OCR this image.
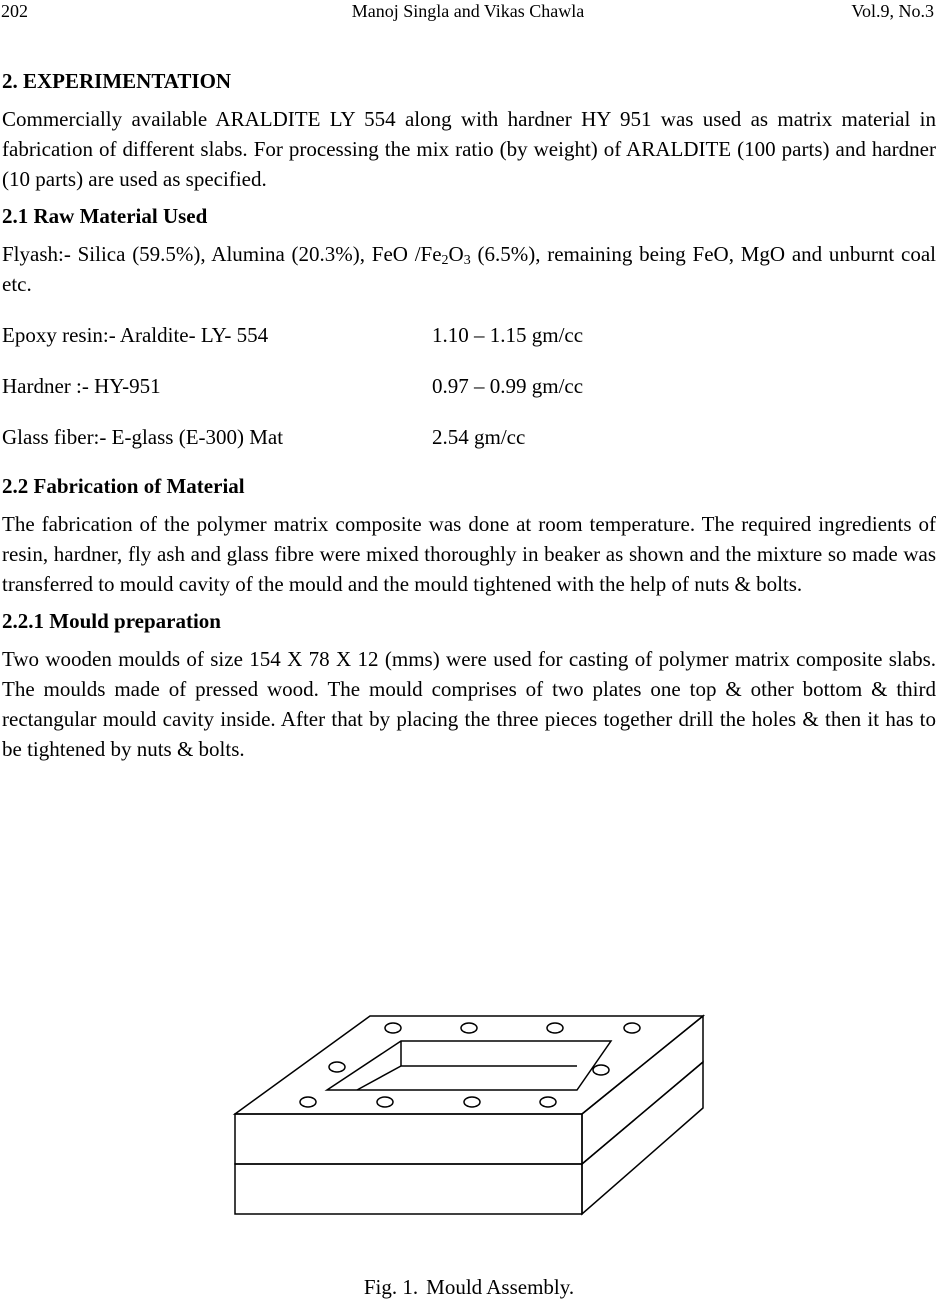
202	Manoj Singla and Vikas Chawla	Vol.9, No.3
2. EXPERIMENTATION

Commercially available ARALDITE LY 554 along with hardner HY 951 was used as matrix material in fabrication of different slabs. For processing the mix ratio (by weight) of ARALDITE (100 parts) and hardner (10 parts) are used as specified.

2.1 Raw Material Used

Flyash:- Silica (59.5%), Alumina (20.3%), FeO $/Fe_2O_3$ (6.5%), remaining being FeO, MgO and unburnt coal etc.

Epoxy resin:- Araldite- LY- 554	1.10 – 1.15 gm/cc
Hardner :- HY-951	0.97 – 0.99 gm/cc
Glass fiber:- E-glass (E-300) Mat	2.54 gm/cc
2.2 Fabrication of Material

The fabrication of the polymer matrix composite was done at room temperature. The required ingredients of resin, hardner, fly ash and glass fibre were mixed thoroughly in beaker as shown and the mixture so made was transferred to mould cavity of the mould and the mould tightened with the help of nuts & bolts.

2.2.1 Mould preparation

Two wooden moulds of size 154 X 78 X 12 (mms) were used for casting of polymer matrix composite slabs. The moulds made of pressed wood. The mould comprises of two plates one top & other bottom & third rectangular mould cavity inside. After that by placing the three pieces together drill the holes & then it has to be tightened by nuts & bolts.

Fig. 1. Mould Assembly.
